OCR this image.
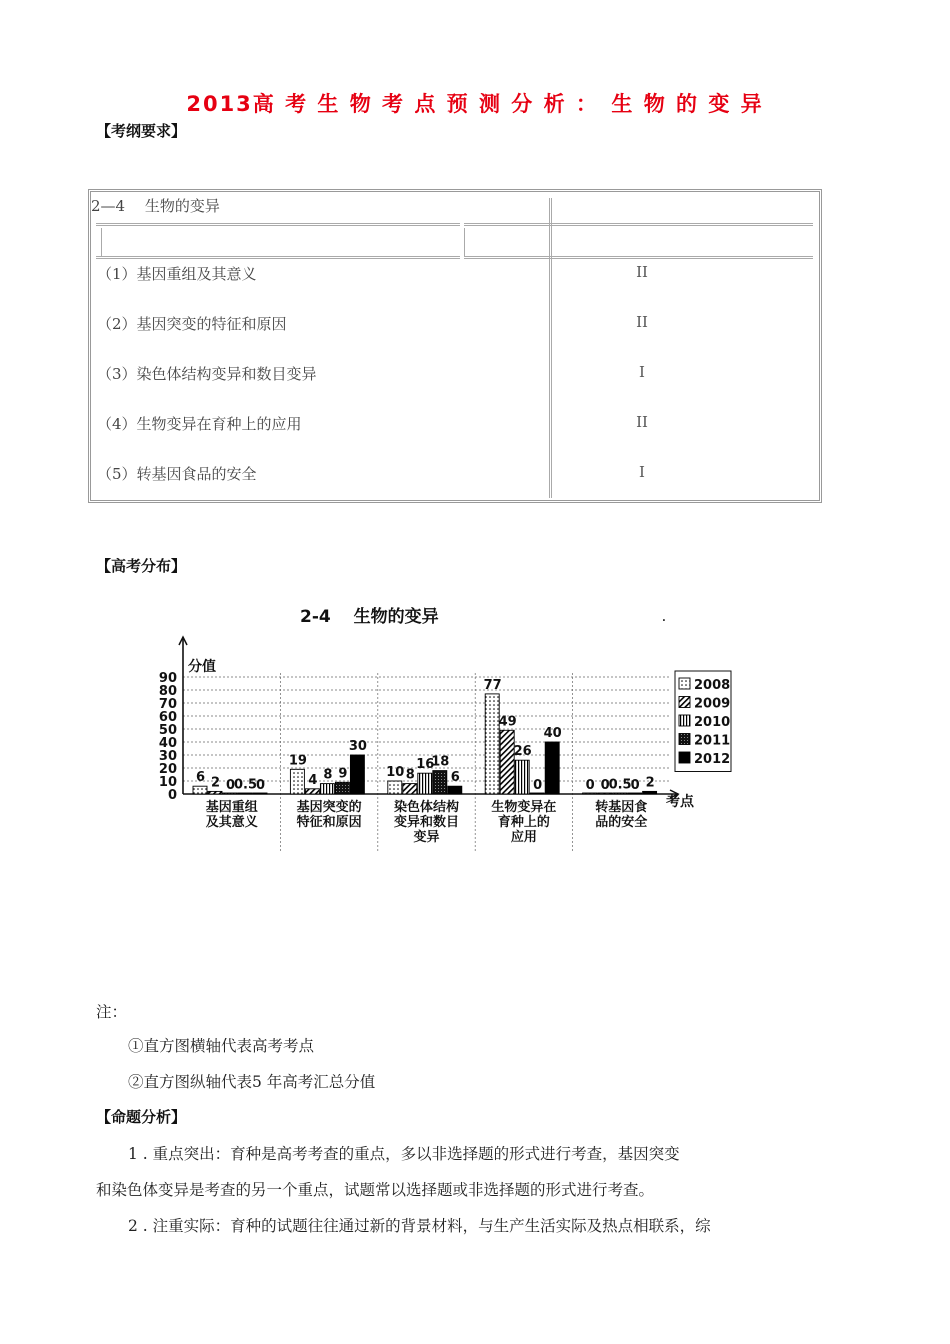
2013高 考 生 物 考 点 预 测 分 析 ：　生 物 的 变 异
【考纲要求】
2—4　 生物的变异
（1）基因重组及其意义	II
（2）基因突变的特征和原因	II
（3）染色体结构变异和数目变异	I
（4）生物变异在育种上的应用	II
（5）转基因食品的安全	I
【高考分布】
2-4　 生物的变异	.
0
10
20
30
40
50
60
70
80
90
6 2 0
0.5
0
基因重组
及其意义
19
4 8 9
30
基因突变的
特征和原因
10 8
16
18
6
染色体结构
变异和数目
变异
77
49
26
0
40
生物变异在
育种上的
应用
0 0
0.5
0 2
转基因食
品的安全
2008
2009
2010
2011
2012
分值
考点
注：
①直方图横轴代表高考考点
②直方图纵轴代表5 年高考汇总分值
【命题分析】
1 . 重点突出：育种是高考考查的重点，多以非选择题的形式进行考查，基因突变
和染色体变异是考查的另一个重点，试题常以选择题或非选择题的形式进行考查。
2 . 注重实际：育种的试题往往通过新的背景材料，与生产生活实际及热点相联系，综
